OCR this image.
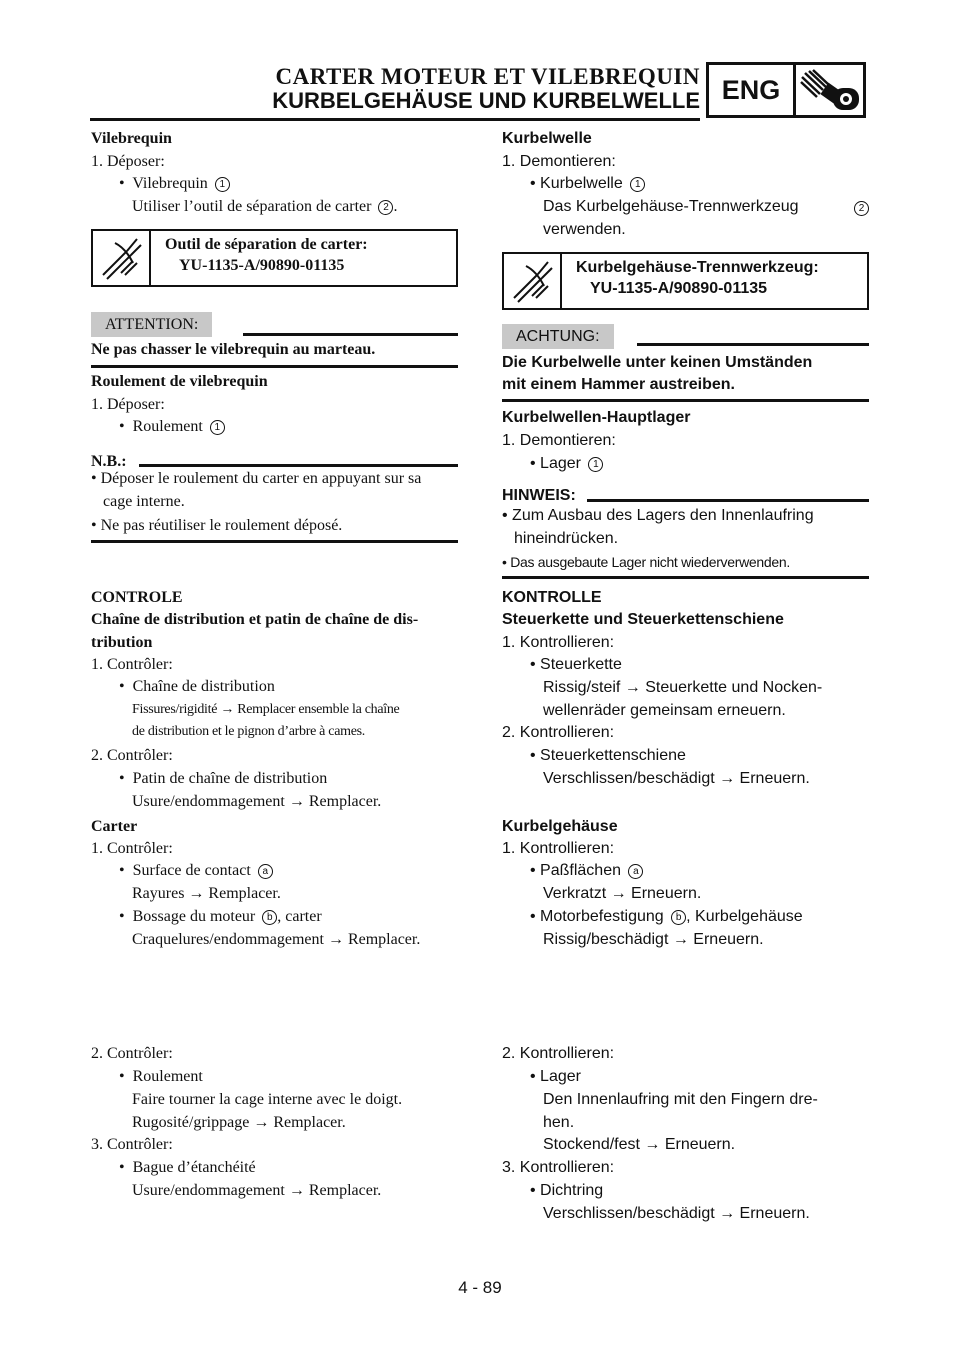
CARTER MOTEUR ET VILEBREQUIN
KURBELGEHÄUSE UND KURBELWELLE ENG
Vilebrequin
1. Déposer:
•  Vilebrequin 1
Utiliser l’outil de séparation de carter 2 .
Outil de séparation de carter:
YU-1135-A/90890-01135
ATTENTION:
Ne pas chasser le vilebrequin au marteau.
Roulement de vilebrequin
1. Déposer:
•  Roulement 1
N.B.:
• Déposer le roulement du carter en appuyant sur sa
cage interne.
• Ne pas réutiliser le roulement déposé.
CONTROLE
Chaîne de distribution et patin de chaîne de dis-
tribution
1. Contrôler:
•  Chaîne de distribution
Fissures/rigidité → Remplacer ensemble la chaîne
de distribution et le pignon d’arbre à cames.
2. Contrôler:
•  Patin de chaîne de distribution
Usure/endommagement → Remplacer.
Carter
1. Contrôler:
•  Surface de contact a
Rayures → Remplacer.
•  Bossage du moteur b , carter
Craquelures/endommagement → Remplacer.
2. Contrôler:
•  Roulement
Faire tourner la cage interne avec le doigt.
Rugosité/grippage → Remplacer.
3. Contrôler:
•  Bague d’étanchéité
Usure/endommagement → Remplacer.
Kurbelwelle
1. Demontieren:
• Kurbelwelle 1
Das Kurbelgehäuse-Trennwerkzeug	2
verwenden.
Kurbelgehäuse-Trennwerkzeug:
YU-1135-A/90890-01135
ACHTUNG:
Die Kurbelwelle unter keinen Umständen
mit einem Hammer austreiben.
Kurbelwellen-Hauptlager
1. Demontieren:
• Lager 1
HINWEIS:
• Zum Ausbau des Lagers den Innenlaufring
hineindrücken.
• Das ausgebaute Lager nicht wiederverwenden.
KONTROLLE
Steuerkette und Steuerkettenschiene
1. Kontrollieren:
• Steuerkette
Rissig/steif → Steuerkette und Nocken-
wellenräder gemeinsam erneuern.
2. Kontrollieren:
• Steuerkettenschiene
Verschlissen/beschädigt → Erneuern.
Kurbelgehäuse
1. Kontrollieren:
• Paßflächen a
Verkratzt → Erneuern.
• Motorbefestigung b , Kurbelgehäuse
Rissig/beschädigt → Erneuern.
2. Kontrollieren:
• Lager
Den Innenlaufring mit den Fingern dre-
hen.
Stockend/fest → Erneuern.
3. Kontrollieren:
• Dichtring
Verschlissen/beschädigt → Erneuern.
4 - 89
